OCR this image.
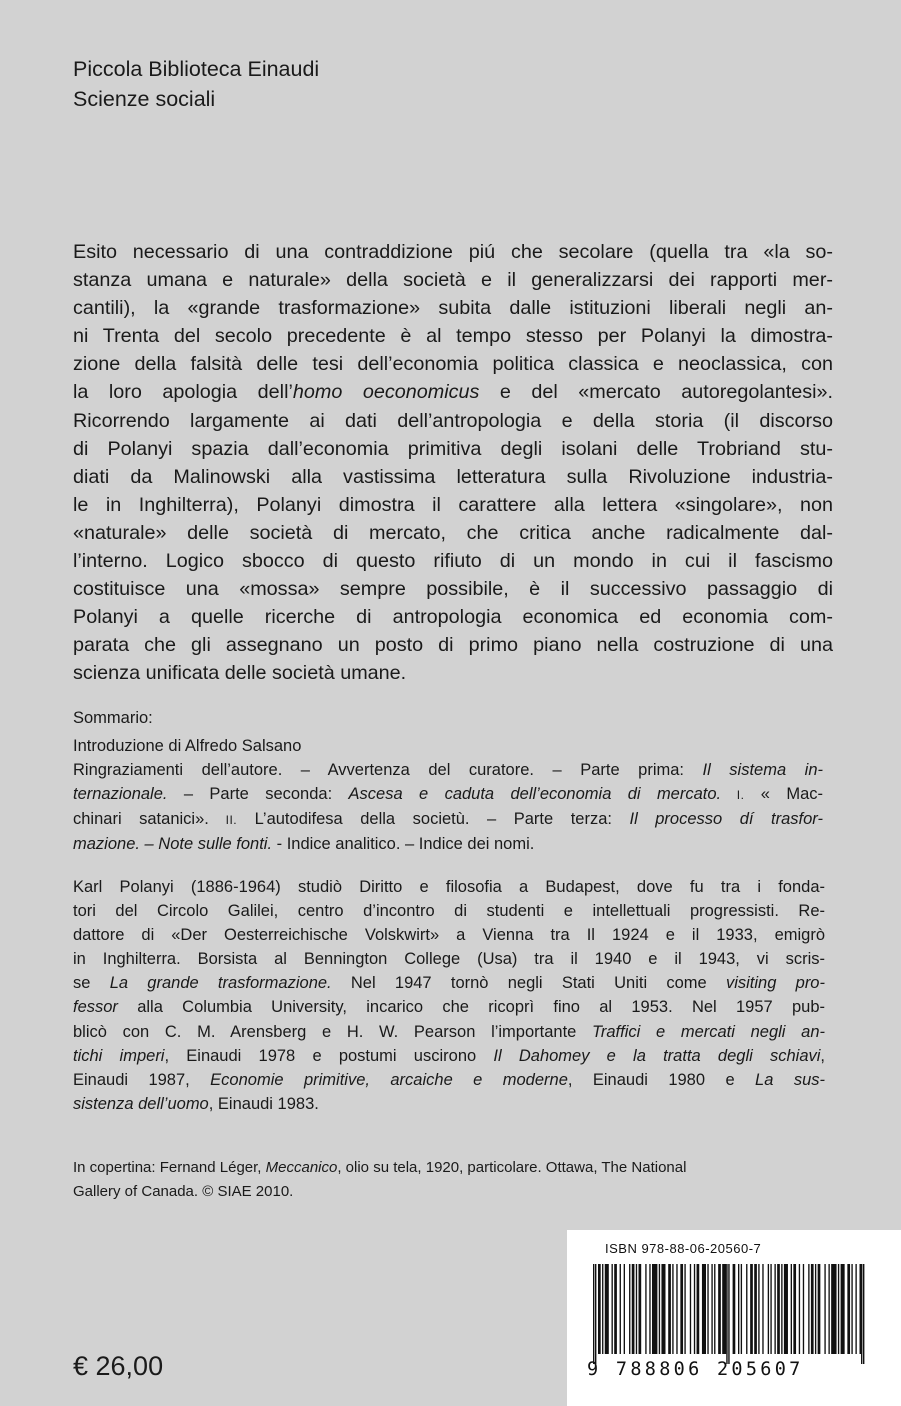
Piccola Biblioteca Einaudi
Scienze sociali
Esito necessario di una contraddizione piú che secolare (quella tra «la so-
stanza umana e naturale» della società e il generalizzarsi dei rapporti mer-
cantili), la «grande trasformazione» subita dalle istituzioni liberali negli an-
ni Trenta del secolo precedente è al tempo stesso per Polanyi la dimostra-
zione della falsità delle tesi dell’economia politica classica e neoclassica, con
la loro apologia dell’homo oeconomicus e del «mercato autoregolantesi».
Ricorrendo largamente ai dati dell’antropologia e della storia (il discorso
di Polanyi spazia dall’economia primitiva degli isolani delle Trobriand stu-
diati da Malinowski alla vastissima letteratura sulla Rivoluzione industria-
le in Inghilterra), Polanyi dimostra il carattere alla lettera «singolare», non
«naturale» delle società di mercato, che critica anche radicalmente dal-
l’interno. Logico sbocco di questo rifiuto di un mondo in cui il fascismo
costituisce una «mossa» sempre possibile, è il successivo passaggio di
Polanyi a quelle ricerche di antropologia economica ed economia com-
parata che gli assegnano un posto di primo piano nella costruzione di una
scienza unificata delle società umane.
Sommario:
Introduzione di Alfredo Salsano
Ringraziamenti dell’autore. – Avvertenza del curatore. – Parte prima: Il sistema in-
ternazionale. – Parte seconda: Ascesa e caduta dell’economia di mercato. I. « Mac-
chinari satanici». II. L’autodifesa della societù. – Parte terza: Il processo dí trasfor-
mazione. – Note sulle fonti. - Indice analitico. – Indice dei nomi.
Karl Polanyi (1886-1964) studiò Diritto e filosofia a Budapest, dove fu tra i fonda-
tori del Circolo Galilei, centro d’incontro di studenti e intellettuali progressisti. Re-
dattore di «Der Oesterreichische Volskwirt» a Vienna tra Il 1924 e il 1933, emigrò
in Inghilterra. Borsista al Bennington College (Usa) tra il 1940 e il 1943, vi scris-
se La grande trasformazione. Nel 1947 tornò negli Stati Uniti come visiting pro-
fessor alla Columbia University, incarico che ricoprì fino al 1953. Nel 1957 pub-
blicò con C. M. Arensberg e H. W. Pearson l’importante Traffici e mercati negli an-
tichi imperi, Einaudi 1978 e postumi uscirono Il Dahomey e la tratta degli schiavi,
Einaudi 1987, Economie primitive, arcaiche e moderne, Einaudi 1980 e La sus-
sistenza dell’uomo, Einaudi 1983.
In copertina: Fernand Léger, Meccanico, olio su tela, 1920, particolare. Ottawa, The National
Gallery of Canada. © SIAE 2010.
ISBN 978-88-06-20560-7
9 788806 205607
€ 26,00
